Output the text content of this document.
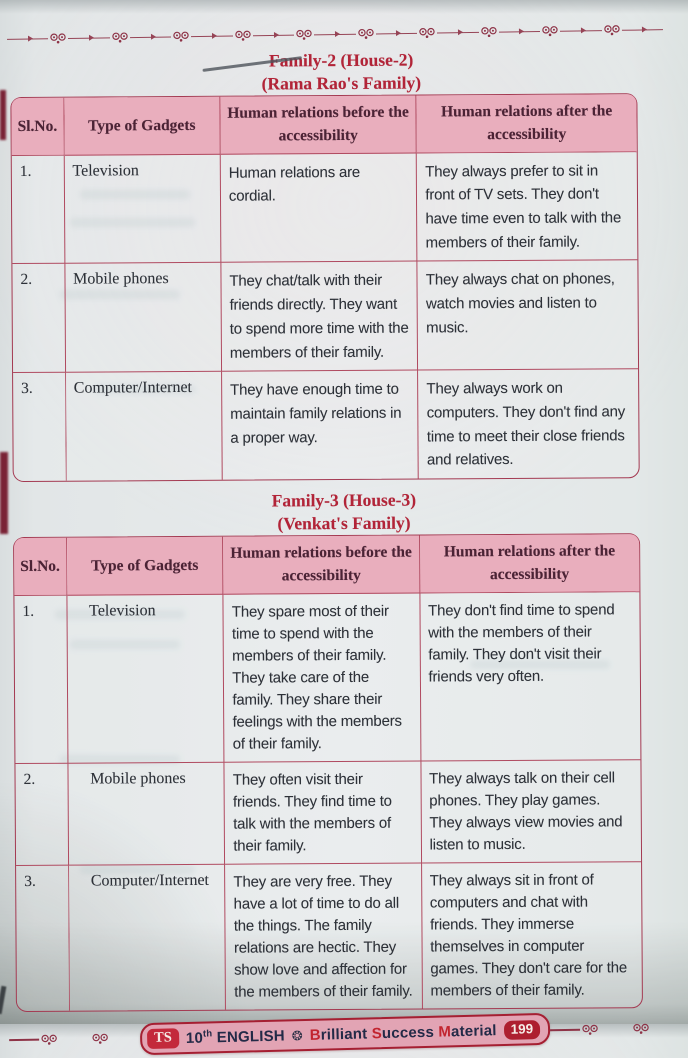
Family-2 (House-2)
(Rama Rao's Family)
Sl.No.	Type of Gadgets	Human relations before the accessibility	Human relations after the accessibility
1.	Television	Human relations are cordial.	They always prefer to sit in front of TV sets. They don't have time even to talk with the members of their family.
2.	Mobile phones	They chat/talk with their friends directly. They want to spend more time with the members of their family.	They always chat on phones, watch movies and listen to music.
3.	Computer/Internet	They have enough time to maintain family relations in a proper way.	They always work on computers. They don't find any time to meet their close friends and relatives.
Family-3 (House-3)
(Venkat's Family)
Sl.No.	Type of Gadgets	Human relations before the accessibility	Human relations after the accessibility
1.	Television	They spare most of their time to spend with the members of their family. They take care of the family. They share their feelings with the members of their family.	They don't find time to spend with the members of their family. They don't visit their friends very often.
2.	Mobile phones	They often visit their friends. They find time to talk with the members of their family.	They always talk on their cell phones. They play games. They always view movies and listen to music.
3.	Computer/Internet	They are very free. They have a lot of time to do all the things. The family relations are hectic. They show love and affection for the members of their family.	They always sit in front of computers and chat with friends. They immerse themselves in computer games. They don't care for the members of their family.
TS 10th ENGLISH ❂ Brilliant Success Material	199
